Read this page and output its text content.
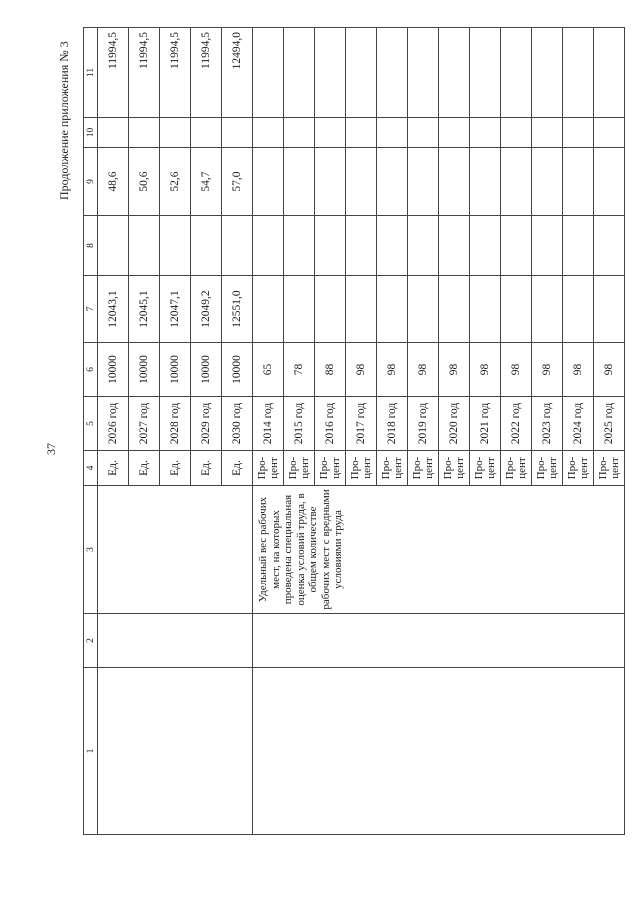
37
Продолжение приложения № 3
1	2	3	4	5	6	7	8	9	10	11
			Ед.	2026 год	10000	12043,1		48,6		11994,5
			Ед.	2027 год	10000	12045,1		50,6		11994,5
			Ед.	2028 год	10000	12047,1		52,6		11994,5
			Ед.	2029 год	10000	12049,2		54,7		11994,5
			Ед.	2030 год	10000	12551,0		57,0		12494,0
		Удельный вес рабочих мест, на которых проведена специальная оценка условий труда, в общем количестве рабочих мест с вредными условиями труда	Про- цент	2014 год	65					

			Про- цент	2015 год	78					

			Про- цент	2016 год	88					

			Про- цент	2017 год	98					

			Про- цент	2018 год	98					

			Про- цент	2019 год	98					

			Про- цент	2020 год	98					

			Про- цент	2021 год	98					

			Про- цент	2022 год	98					

			Про- цент	2023 год	98					

			Про- цент	2024 год	98					

			Про- цент	2025 год	98					
